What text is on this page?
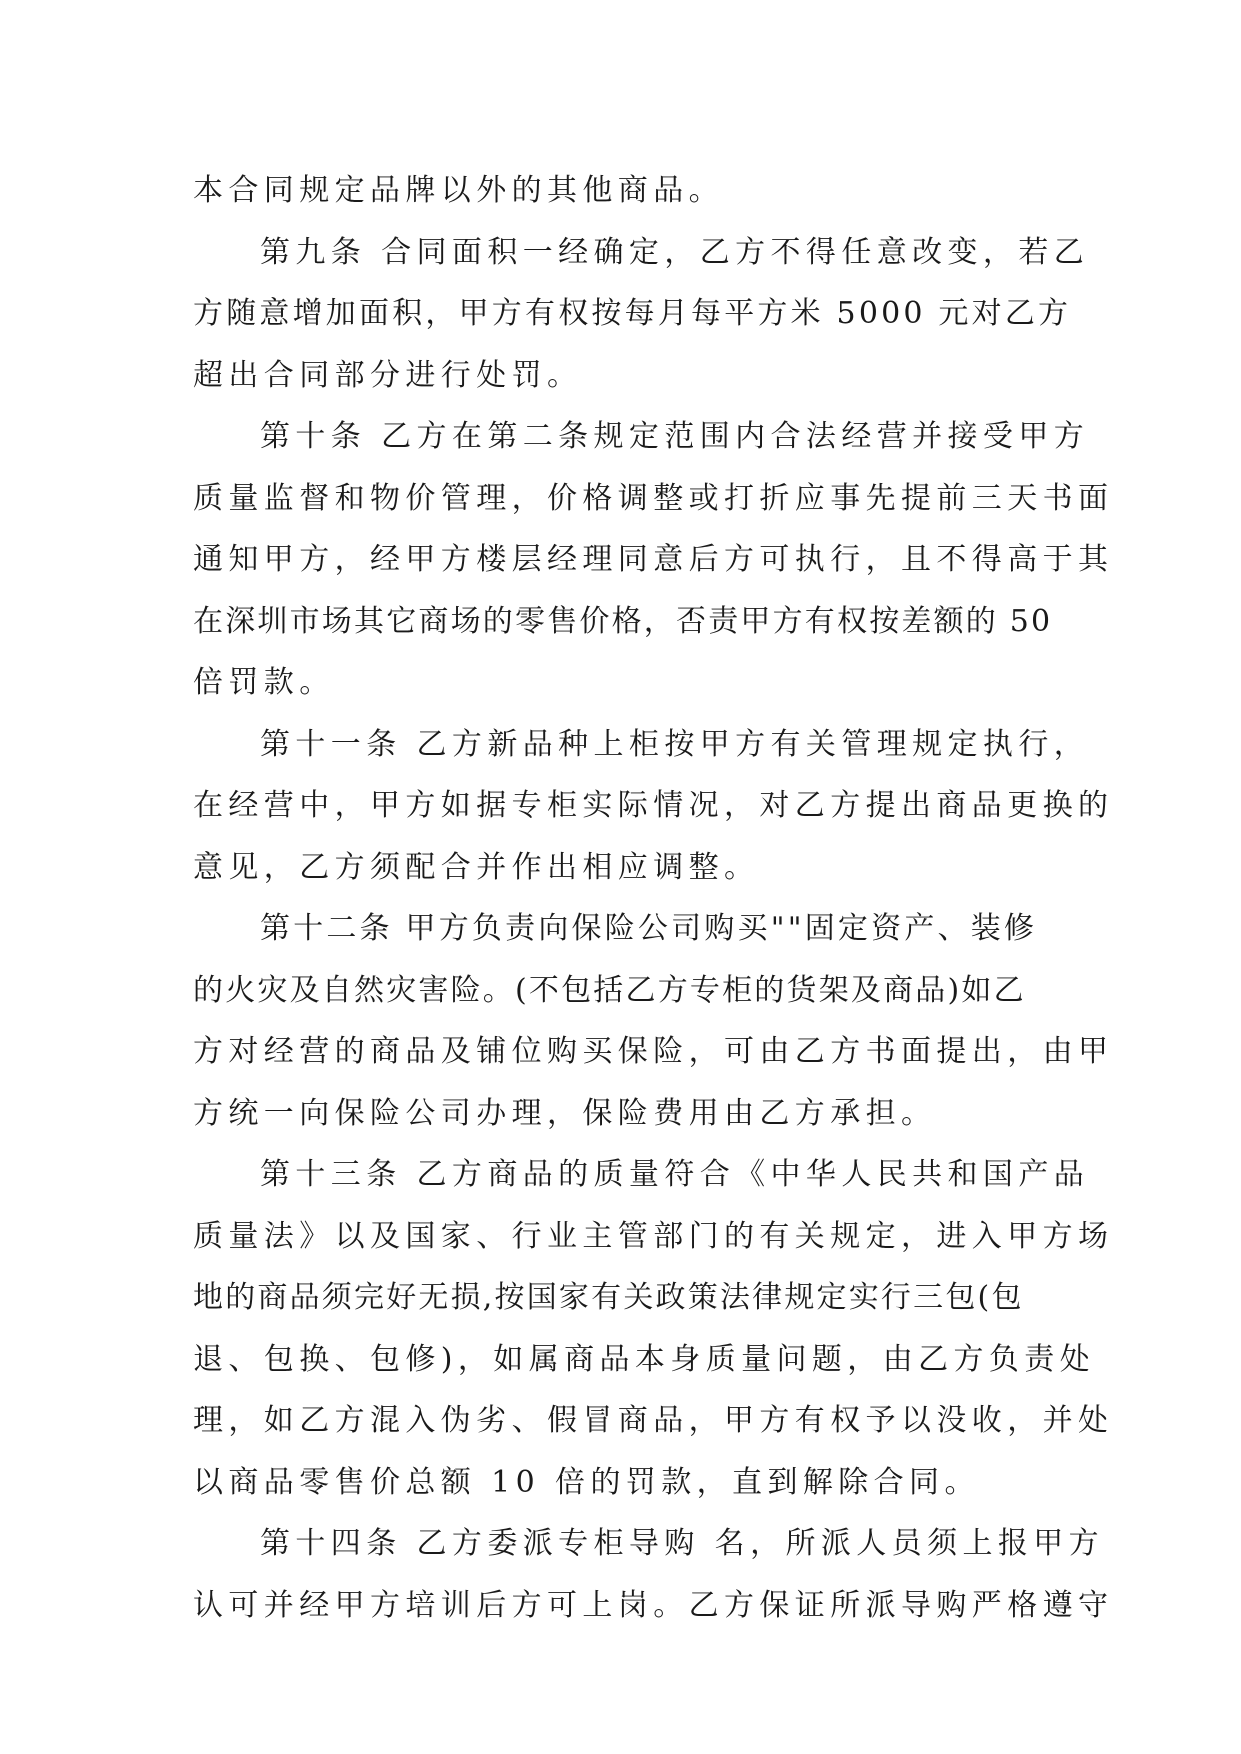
本合同规定品牌以外的其他商品。
第九条 合同面积一经确定，乙方不得任意改变，若乙
方随意增加面积，甲方有权按每月每平方米 5000 元对乙方
超出合同部分进行处罚。
第十条 乙方在第二条规定范围内合法经营并接受甲方
质量监督和物价管理，价格调整或打折应事先提前三天书面
通知甲方，经甲方楼层经理同意后方可执行，且不得高于其
在深圳市场其它商场的零售价格，否责甲方有权按差额的 50
倍罚款。
第十一条 乙方新品种上柜按甲方有关管理规定执行，
在经营中，甲方如据专柜实际情况，对乙方提出商品更换的
意见，乙方须配合并作出相应调整。
第十二条 甲方负责向保险公司购买""固定资产、装修
的火灾及自然灾害险。(不包括乙方专柜的货架及商品)如乙
方对经营的商品及铺位购买保险，可由乙方书面提出，由甲
方统一向保险公司办理，保险费用由乙方承担。
第十三条 乙方商品的质量符合《中华人民共和国产品
质量法》以及国家、行业主管部门的有关规定，进入甲方场
地的商品须完好无损,按国家有关政策法律规定实行三包(包
退、包换、包修)，如属商品本身质量问题，由乙方负责处
理，如乙方混入伪劣、假冒商品，甲方有权予以没收，并处
以商品零售价总额 10 倍的罚款，直到解除合同。
第十四条 乙方委派专柜导购 名，所派人员须上报甲方
认可并经甲方培训后方可上岗。乙方保证所派导购严格遵守
